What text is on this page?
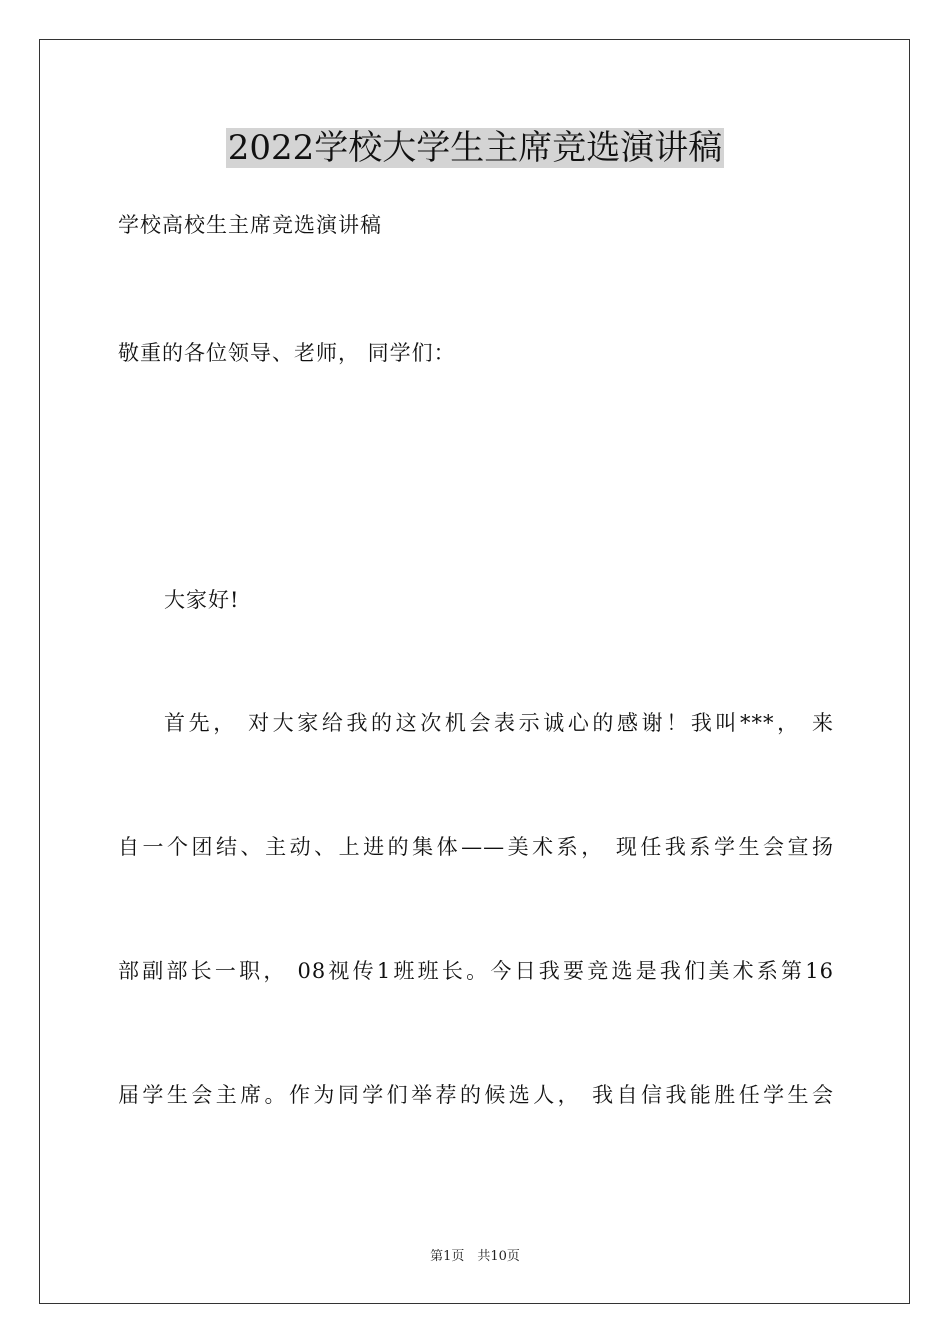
2022学校大学生主席竞选演讲稿

学校高校生主席竞选演讲稿

敬重的各位领导、老师， 同学们：

大家好!

首先， 对大家给我的这次机会表示诚心的感谢！我叫***， 来

自一个团结、主动、上进的集体——美术系， 现任我系学生会宣扬

部副部长一职， 08视传1班班长。今日我要竞选是我们美术系第16

届学生会主席。作为同学们举荐的候选人， 我自信我能胜任学生会

第1页　共10页
